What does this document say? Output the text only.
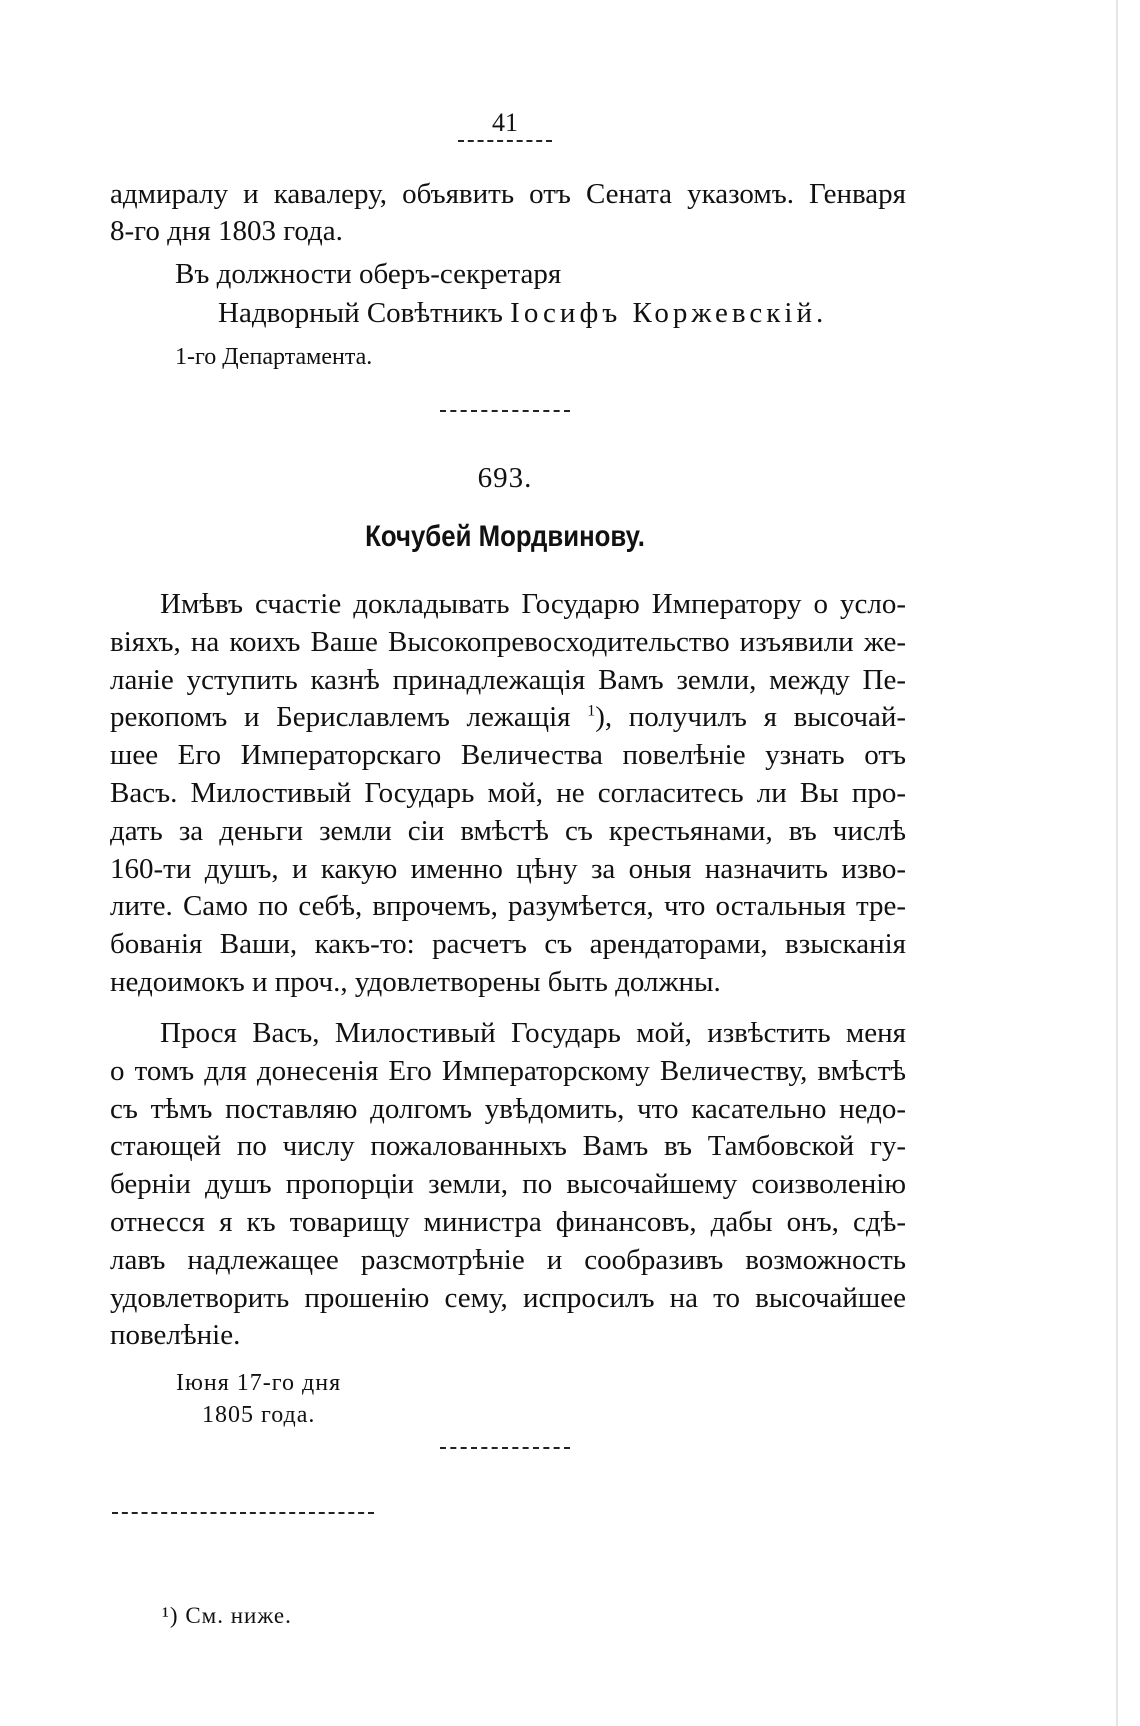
41
адмиралу и кавалеру, объявить отъ Сената указомъ. Генваря
8-го дня 1803 года.
Въ должности оберъ-секретаря
Надворный Совѣтникъ Іосифъ Коржевскій.
1-го Департамента.
693.
Кочубей Мордвинову.
Имѣвъ счастіе докладывать Государю Императору о усло-
віяхъ, на коихъ Ваше Высокопревосходительство изъявили же-
ланіе уступить казнѣ принадлежащія Вамъ земли, между Пе-
рекопомъ и Бериславлемъ лежащія $^1$), получилъ я высочай-
шее Его Императорскаго Величества повелѣніе узнать отъ
Васъ. Милостивый Государь мой, не согласитесь ли Вы про-
дать за деньги земли сіи вмѣстѣ съ крестьянами, въ числѣ
160-ти душъ, и какую именно цѣну за оныя назначить изво-
лите. Само по себѣ, впрочемъ, разумѣется, что остальныя тре-
бованія Ваши, какъ-то: расчетъ съ арендаторами, взысканія
недоимокъ и проч., удовлетворены быть должны.
Прося Васъ, Милостивый Государь мой, извѣстить меня
о томъ для донесенія Его Императорскому Величеству, вмѣстѣ
съ тѣмъ поставляю долгомъ увѣдомить, что касательно недо-
стающей по числу пожалованныхъ Вамъ въ Тамбовской гу-
берніи душъ пропорціи земли, по высочайшему соизволенію
отнесся я къ товарищу министра финансовъ, дабы онъ, сдѣ-
лавъ надлежащее разсмотрѣніе и сообразивъ возможность
удовлетворить прошенію сему, испросилъ на то высочайшее
повелѣніе.
Іюня 17-го дня
1805 года.
¹) См. ниже.
